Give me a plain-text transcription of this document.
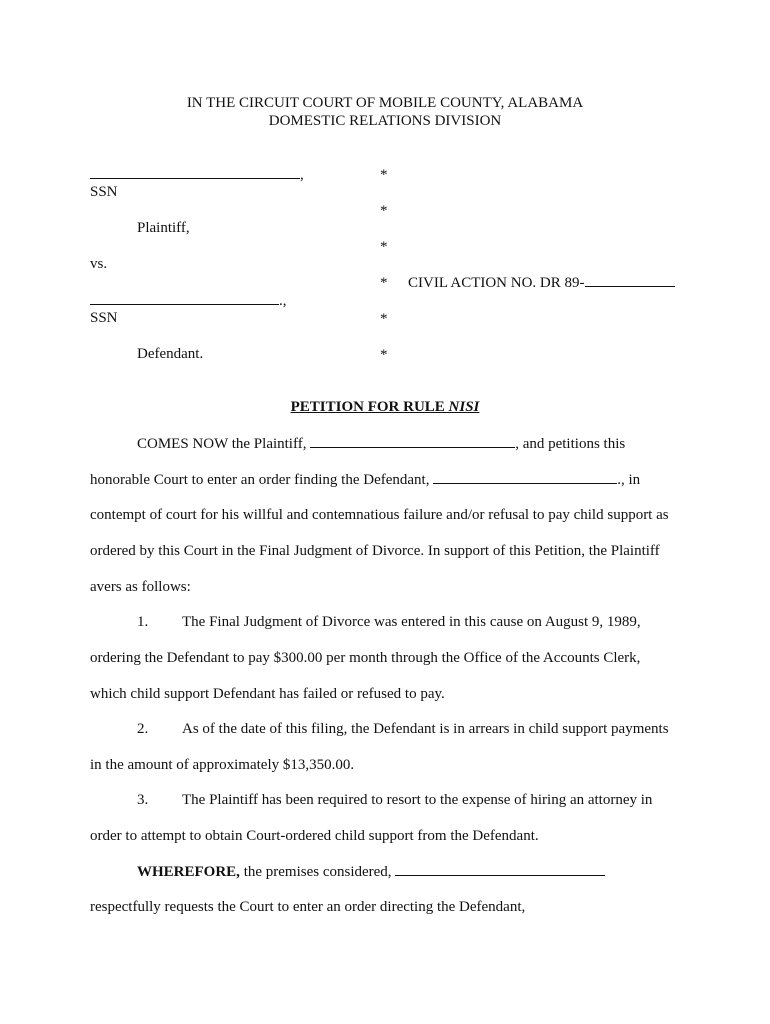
IN THE CIRCUIT COURT OF MOBILE COUNTY, ALABAMA
DOMESTIC RELATIONS DIVISION
,
SSN
Plaintiff,
vs.
.,
SSN
Defendant.
*
*
*
*
*
*
CIVIL ACTION NO. DR 89-
PETITION FOR RULE NISI
COMES NOW the Plaintiff,	, and petitions this
honorable Court to enter an order finding the Defendant,	., in
contempt of court for his willful and contemnatious failure and/or refusal to pay child support as
ordered by this Court in the Final Judgment of Divorce. In support of this Petition, the Plaintiff
avers as follows:
1. The Final Judgment of Divorce was entered in this cause on August 9, 1989,
ordering the Defendant to pay $300.00 per month through the Office of the Accounts Clerk,
which child support Defendant has failed or refused to pay.
2. As of the date of this filing, the Defendant is in arrears in child support payments
in the amount of approximately $13,350.00.
3. The Plaintiff has been required to resort to the expense of hiring an attorney in
order to attempt to obtain Court-ordered child support from the Defendant.
WHEREFORE, the premises considered,
respectfully requests the Court to enter an order directing the Defendant,
